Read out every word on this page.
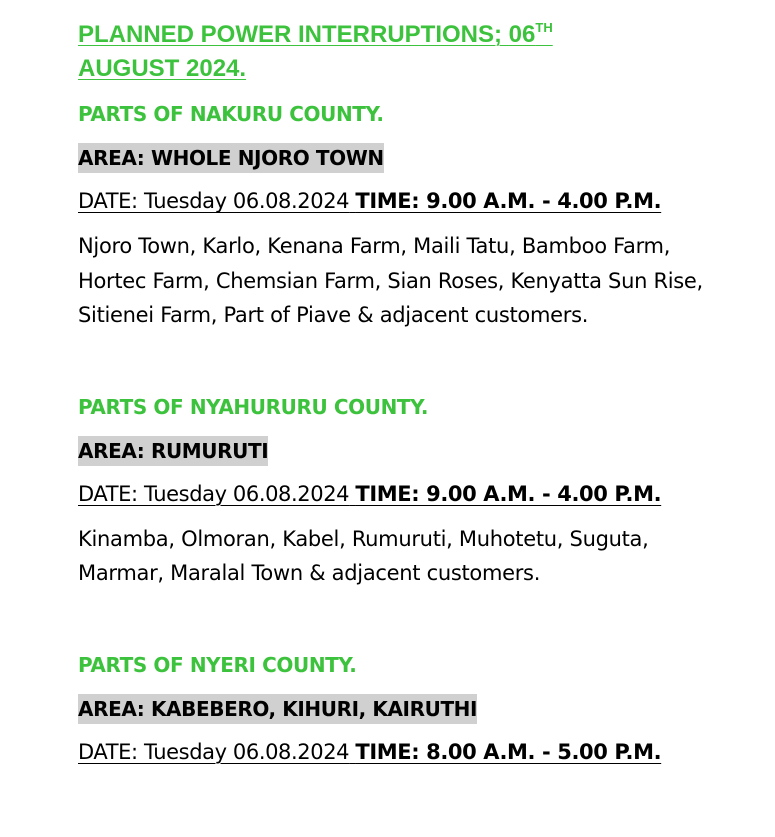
PLANNED POWER INTERRUPTIONS; 06TH
AUGUST 2024.

PARTS OF NAKURU COUNTY.

AREA: WHOLE NJORO TOWN

DATE: Tuesday 06.08.2024 TIME: 9.00 A.M. - 4.00 P.M.

Njoro Town, Karlo, Kenana Farm, Maili Tatu, Bamboo Farm, Hortec Farm, Chemsian Farm, Sian Roses, Kenyatta Sun Rise, Sitienei Farm, Part of Piave & adjacent customers.

PARTS OF NYAHURURU COUNTY.

AREA: RUMURUTI

DATE: Tuesday 06.08.2024 TIME: 9.00 A.M. - 4.00 P.M.

Kinamba, Olmoran, Kabel, Rumuruti, Muhotetu, Suguta, Marmar, Maralal Town & adjacent customers.

PARTS OF NYERI COUNTY.

AREA: KABEBERO, KIHURI, KAIRUTHI

DATE: Tuesday 06.08.2024 TIME: 8.00 A.M. - 5.00 P.M.
